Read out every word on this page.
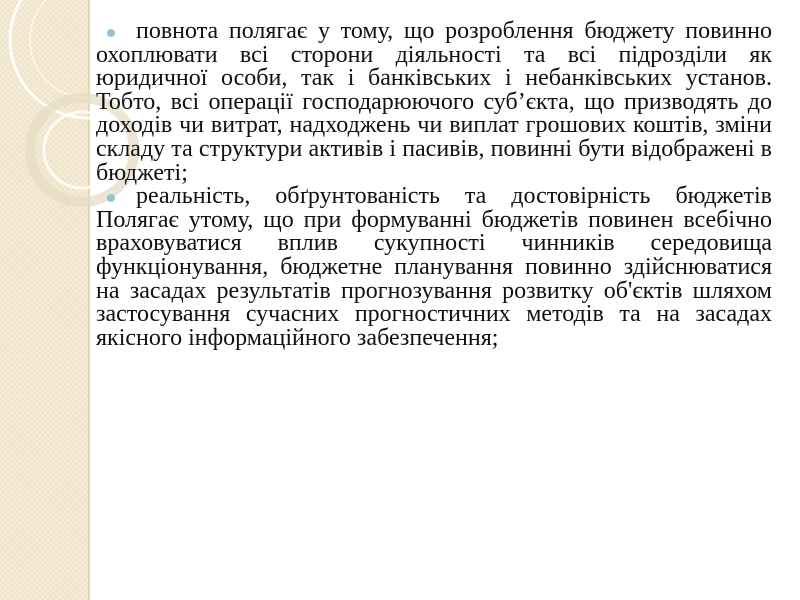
повнота полягає у тому, що розроблення бюджету повинно охоплювати всі сторони діяльності та всі підрозділи як юридичної особи, так і банківських і небанківських установ. Тобто, всі операції господарюючого суб’єкта, що призводять до доходів чи витрат, надходжень чи виплат грошових коштів, зміни складу та структури активів і пасивів, повинні бути відображені в бюджеті;

реальність, обґрунтованість та достовірність бюджетів Полягає утому, що при формуванні бюджетів повинен всебічно враховуватися вплив сукупності чинників середовища функціонування, бюджетне планування повинно здійснюватися на засадах результатів прогнозування розвитку об'єктів шляхом застосування сучасних прогностичних методів та на засадах якісного інформаційного забезпечення;
